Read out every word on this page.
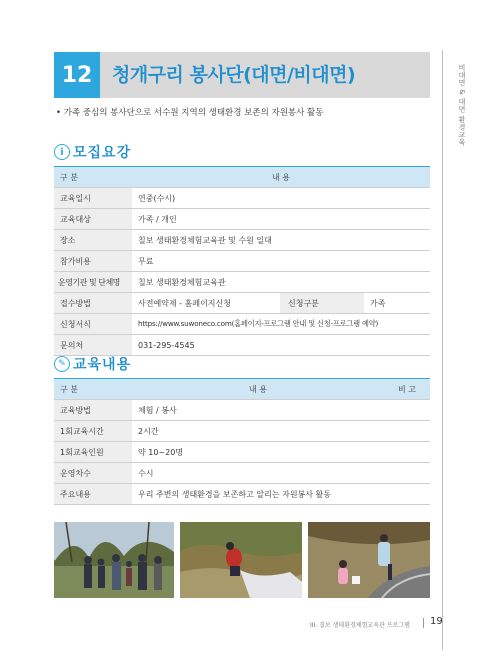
12	청개구리 봉사단(대면/비대면)	비대면 & 대면 환경교육
• 가족 중심의 봉사단으로 서수원 지역의 생태환경 보존의 자원봉사 활동
i 모집요강
구 분	내 용		
교육일시	연중(수시)		
교육대상	가족 / 개인		
장소	칠보 생태환경체험교육관 및 수원 일대		
참가비용	무료		
운영기관 및 단체명	칠보 생태환경체험교육관		
접수방법	사전예약제 - 홈페이지신청	신청구분	가족
신청서식	https://www.suwoneco.com(홈페이지-프로그램 안내 및 신청-프로그램 예약)		
문의처	031-295-4545		
✎ 교육내용
구 분	내 용	비 고
교육방법	체험 / 봉사	
1회교육시간	2시간	
1회교육인원	약 10~20명	
운영차수	수시	
주요내용	우리 주변의 생태환경을 보존하고 알리는 자원봉사 활동	
III. 칠보 생태환경체험교육관 프로그램 19
